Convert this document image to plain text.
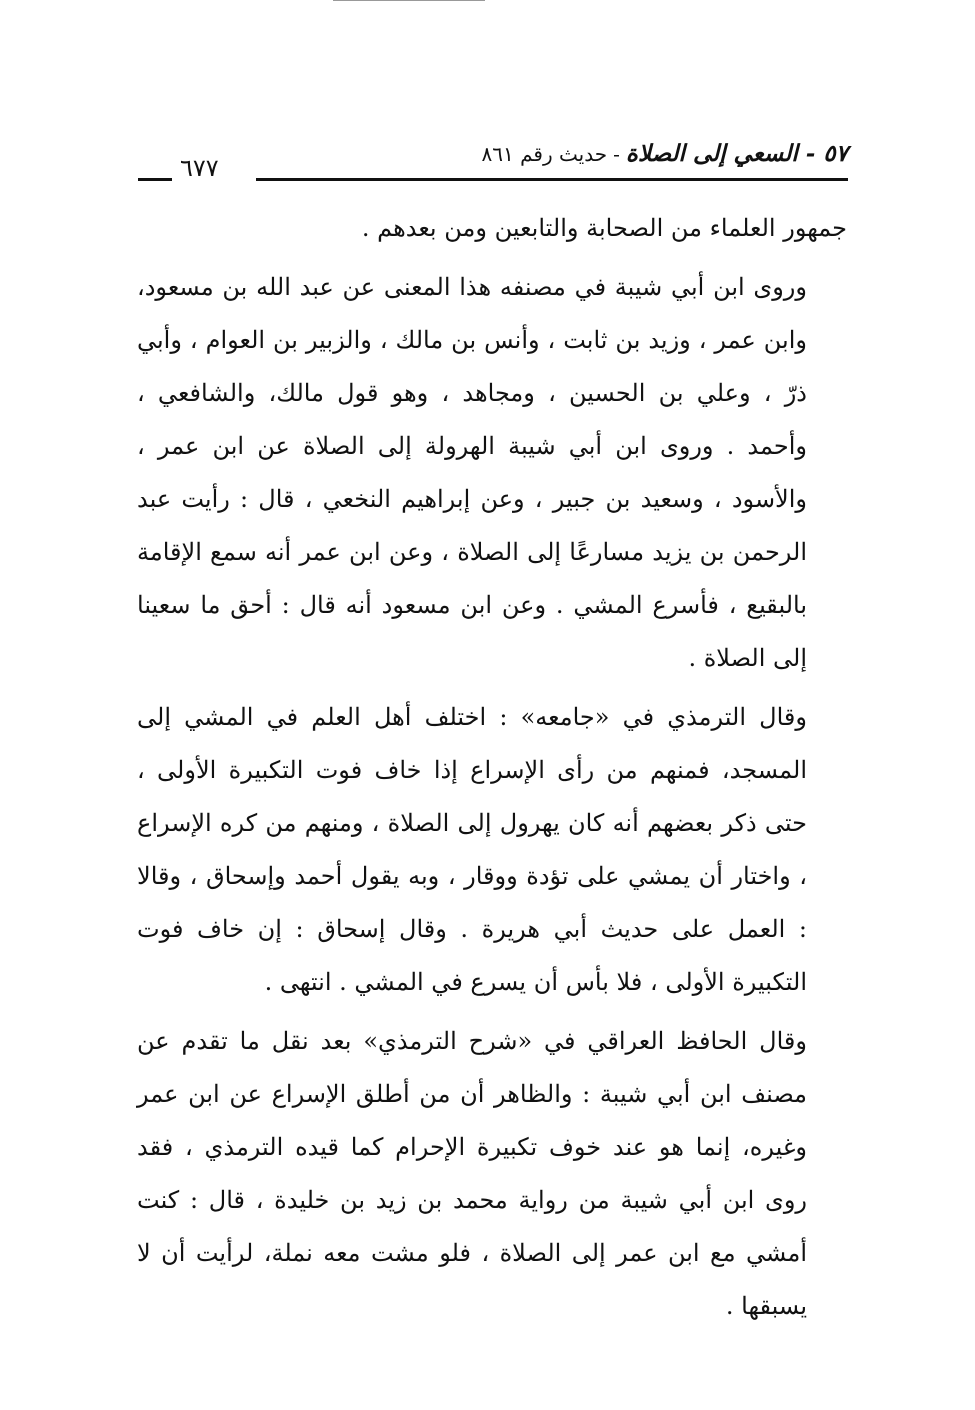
٦٧٧
٥٧ - السعي إلى الصلاة-حديث رقم ٨٦١

جمهور العلماء من الصحابة والتابعين ومن بعدهم .

وروى ابن أبي شيبة في مصنفه هذا المعنى عن عبد الله بن مسعود، وابن عمر ، وزيد بن ثابت ، وأنس بن مالك ، والزبير بن العوام ، وأبي ذرّ ، وعلي بن الحسين ، ومجاهد ، وهو قول مالك، والشافعي ، وأحمد . وروى ابن أبي شيبة الهرولة إلى الصلاة عن ابن عمر ، والأسود ، وسعيد بن جبير ، وعن إبراهيم النخعي ، قال : رأيت عبد الرحمن بن يزيد مسارعًا إلى الصلاة ، وعن ابن عمر أنه سمع الإقامة بالبقيع ، فأسرع المشي . وعن ابن مسعود أنه قال : أحق ما سعينا إلى الصلاة .

وقال الترمذي في «جامعه» : اختلف أهل العلم في المشي إلى المسجد، فمنهم من رأى الإسراع إذا خاف فوت التكبيرة الأولى ، حتى ذكر بعضهم أنه كان يهرول إلى الصلاة ، ومنهم من كره الإسراع ، واختار أن يمشي على تؤدة ووقار ، وبه يقول أحمد وإسحاق ، وقالا : العمل على حديث أبي هريرة . وقال إسحاق : إن خاف فوت التكبيرة الأولى ، فلا بأس أن يسرع في المشي . انتهى .

وقال الحافظ العراقي في «شرح الترمذي» بعد نقل ما تقدم عن مصنف ابن أبي شيبة : والظاهر أن من أطلق الإسراع عن ابن عمر وغيره، إنما هو عند خوف تكبيرة الإحرام كما قيده الترمذي ، فقد روى ابن أبي شيبة من رواية محمد بن زيد بن خليدة ، قال : كنت أمشي مع ابن عمر إلى الصلاة ، فلو مشت معه نملة، لرأيت أن لا يسبقها .
